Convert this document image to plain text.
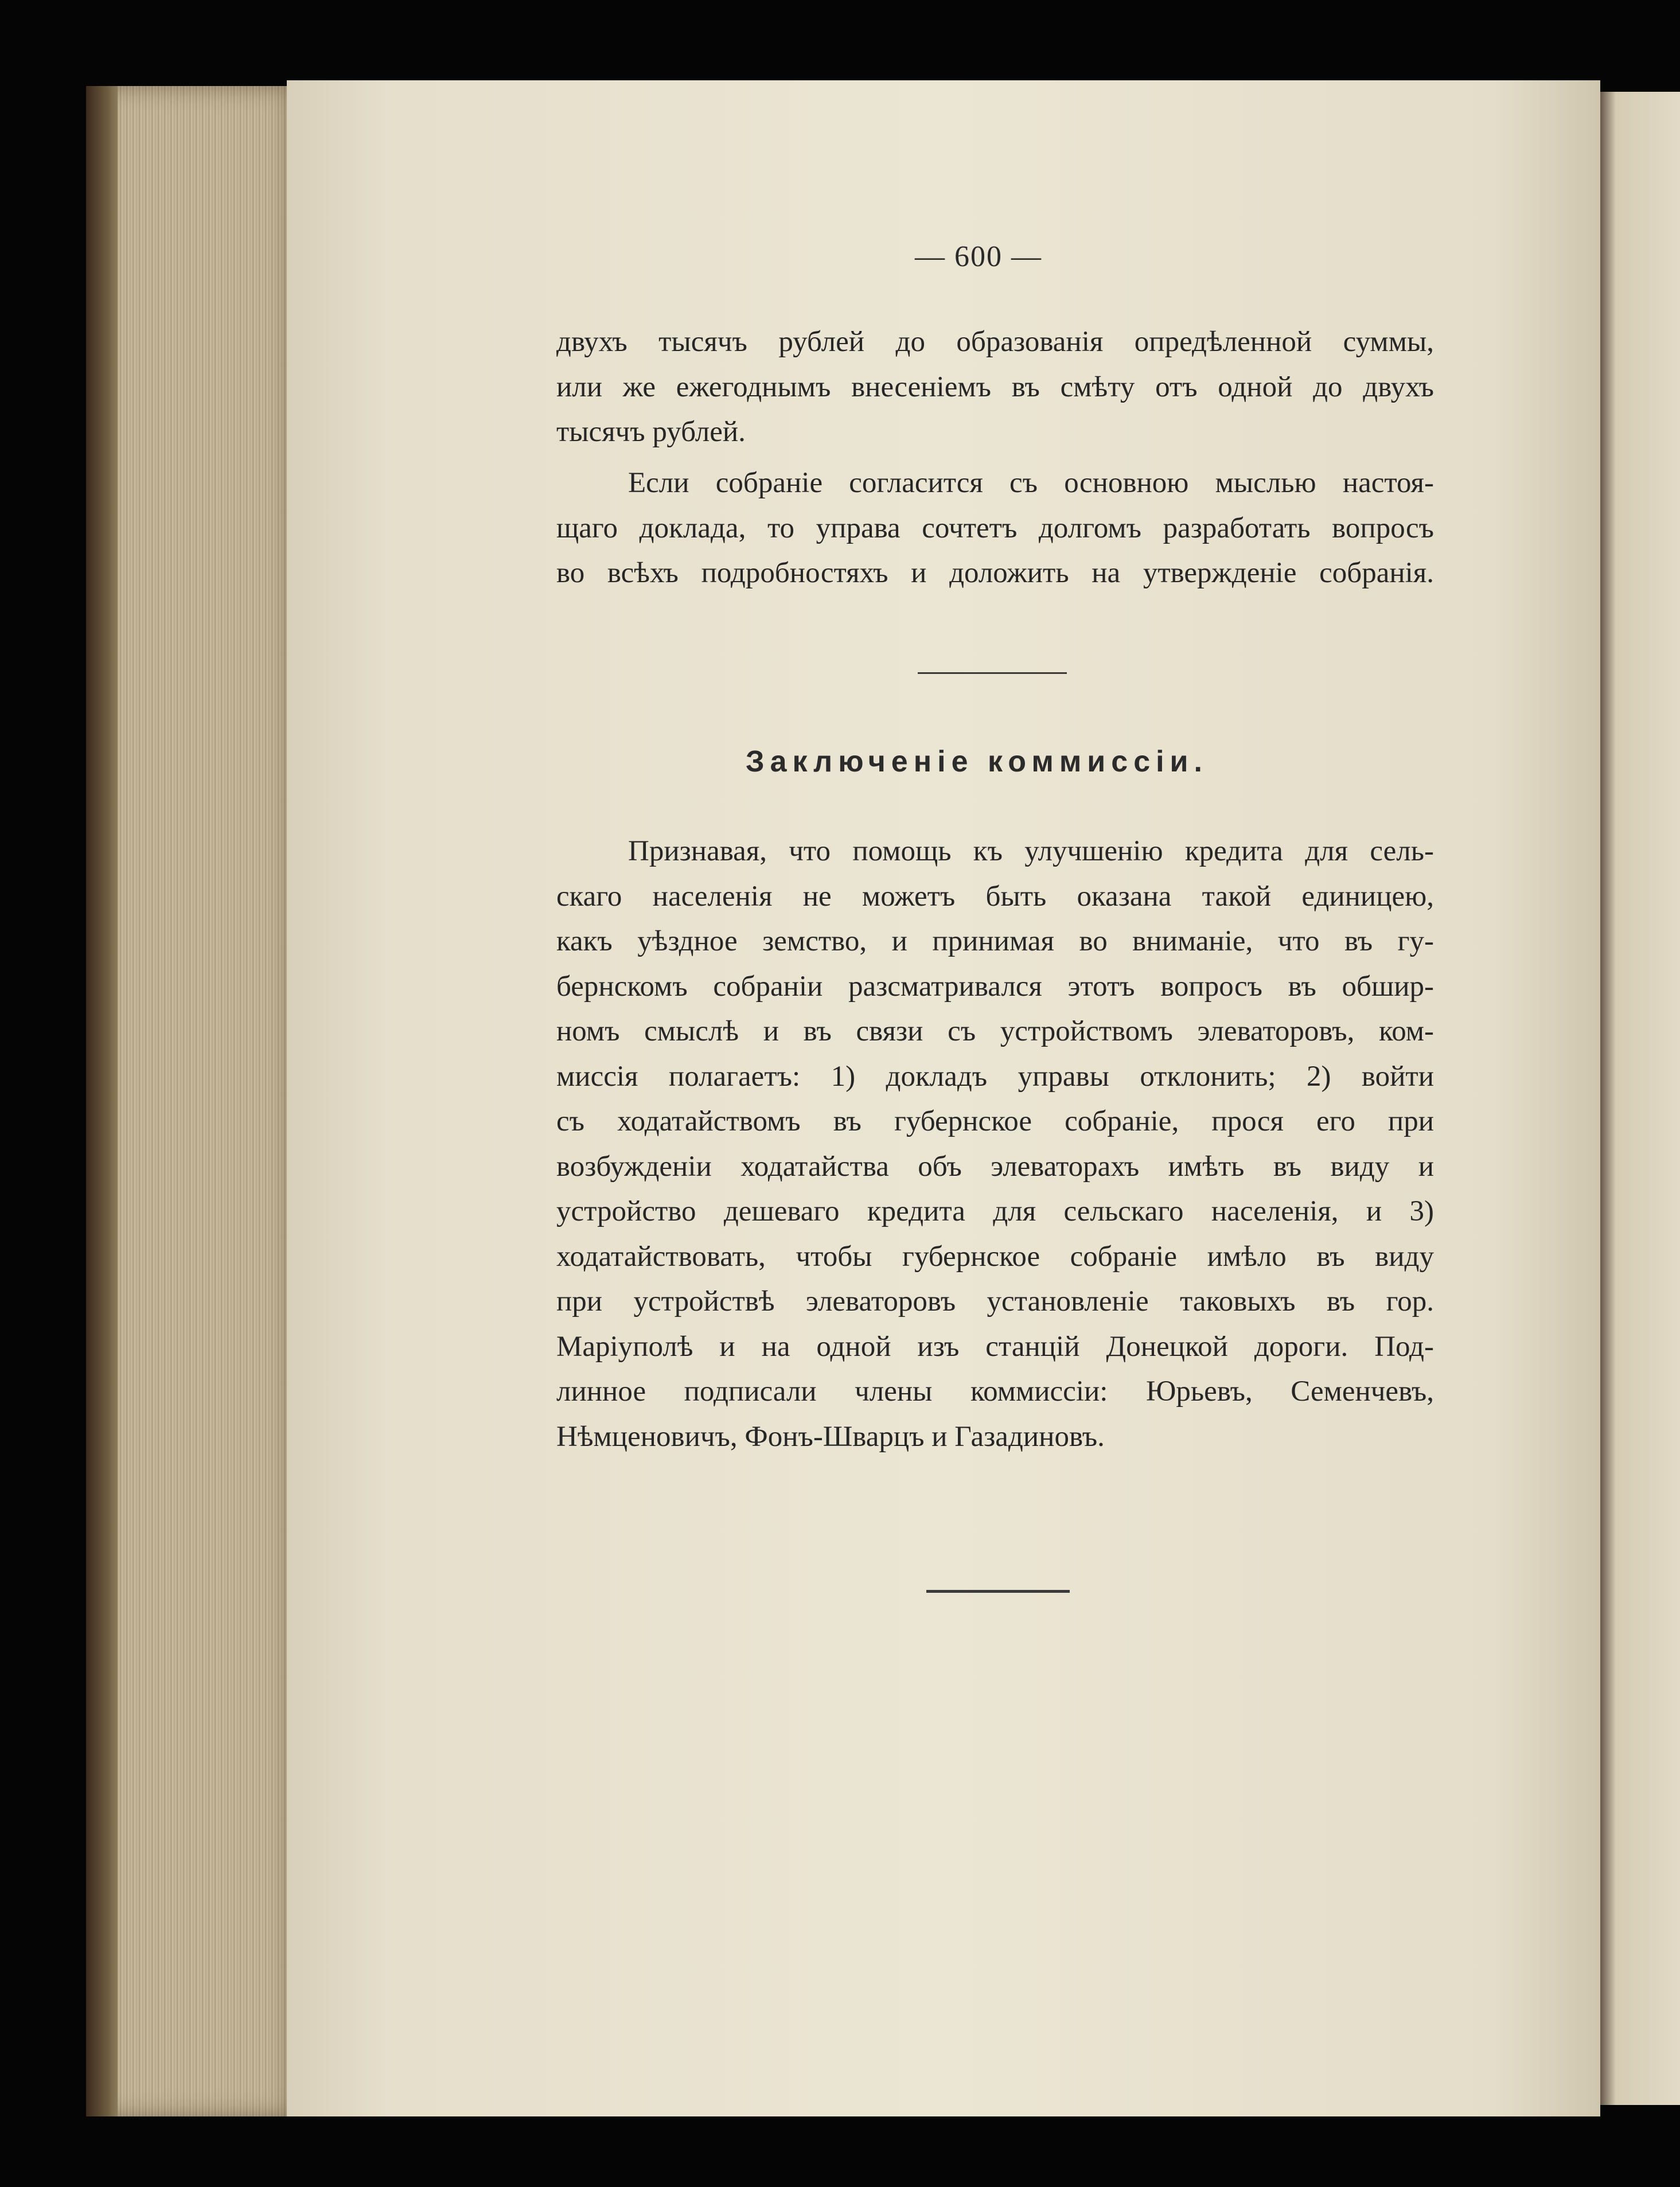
— 600 —
двухъ тысячъ рублей до образованія опредѣленной суммы,
или же ежегоднымъ внесеніемъ въ смѣту отъ одной до двухъ
тысячъ рублей.
Если собраніе согласится съ основною мыслью настоя-
щаго доклада, то управа сочтетъ долгомъ разработать вопросъ
во всѣхъ подробностяхъ и доложить на утвержденіе собранія.
Заключеніе коммиссіи.
Признавая, что помощь къ улучшенію кредита для сель-
скаго населенія не можетъ быть оказана такой единицею,
какъ уѣздное земство, и принимая во вниманіе, что въ гу-
бернскомъ собраніи разсматривался этотъ вопросъ въ обшир-
номъ смыслѣ и въ связи съ устройствомъ элеваторовъ, ком-
миссія полагаетъ: 1) докладъ управы отклонить; 2) войти
съ ходатайствомъ въ губернское собраніе, прося его при
возбужденіи ходатайства объ элеваторахъ имѣть въ виду и
устройство дешеваго кредита для сельскаго населенія, и 3)
ходатайствовать, чтобы губернское собраніе имѣло въ виду
при устройствѣ элеваторовъ установленіе таковыхъ въ гор.
Маріуполѣ и на одной изъ станцій Донецкой дороги. Под-
линное подписали члены коммиссіи: Юрьевъ, Семенчевъ,
Нѣмценовичъ, Фонъ-Шварцъ и Газадиновъ.
